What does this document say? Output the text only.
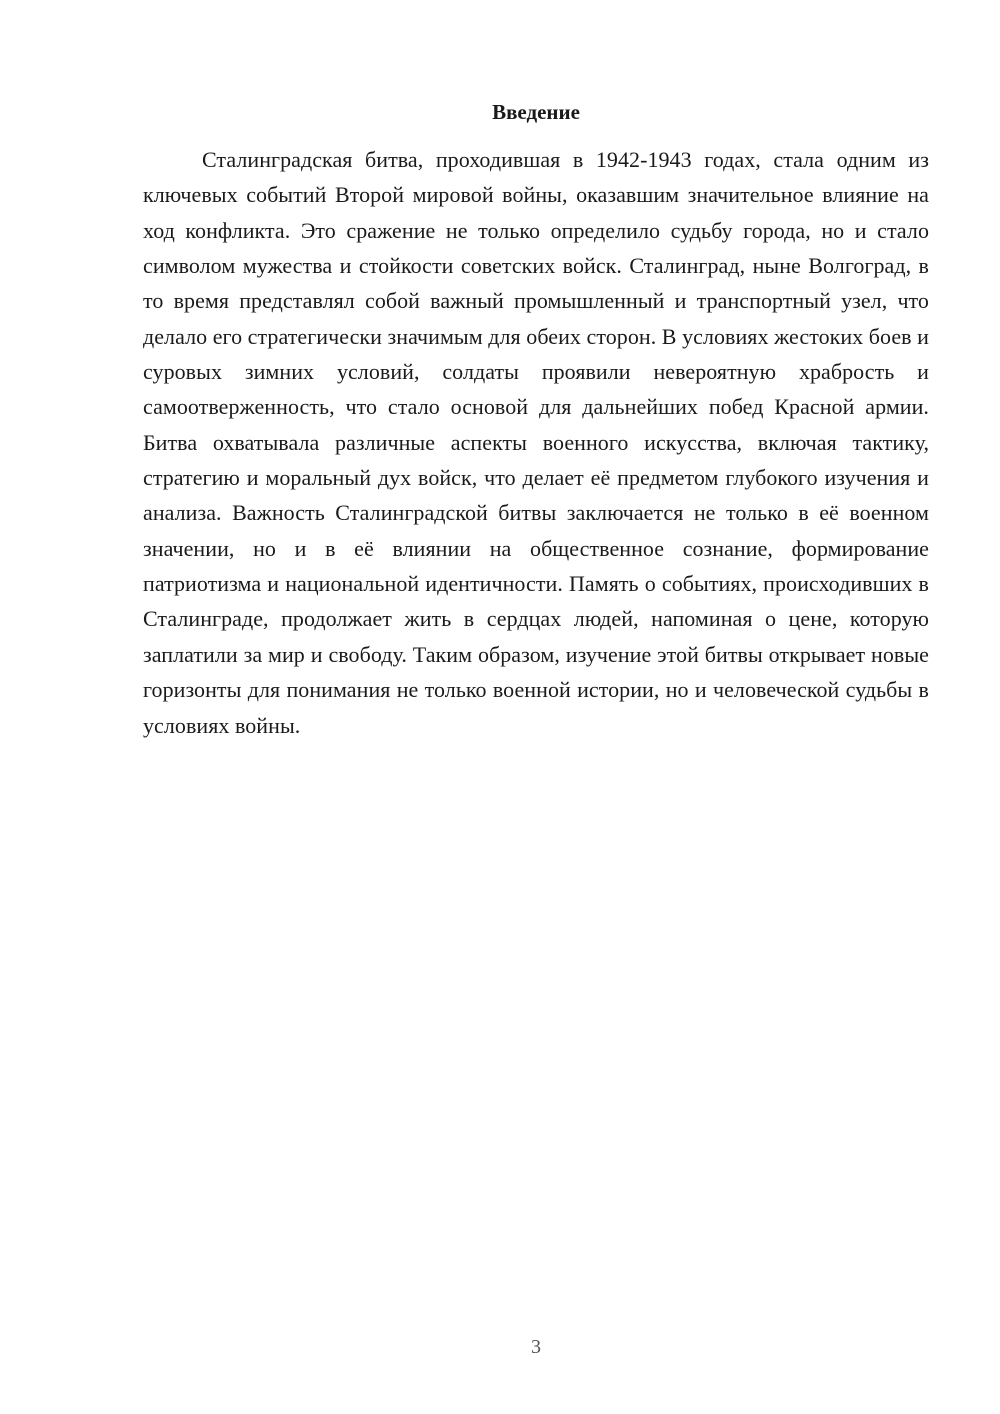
Введение

Сталинградская битва, проходившая в 1942-1943 годах, стала одним из ключевых событий Второй мировой войны, оказавшим значительное влияние на ход конфликта. Это сражение не только определило судьбу города, но и стало символом мужества и стойкости советских войск. Сталинград, ныне Волгоград, в то время представлял собой важный промышленный и транспортный узел, что делало его стратегически значимым для обеих сторон. В условиях жестоких боев и суровых зимних условий, солдаты проявили невероятную храбрость и самоотверженность, что стало основой для дальнейших побед Красной армии. Битва охватывала различные аспекты военного искусства, включая тактику, стратегию и моральный дух войск, что делает её предметом глубокого изучения и анализа. Важность Сталинградской битвы заключается не только в её военном значении, но и в её влиянии на общественное сознание, формирование патриотизма и национальной идентичности. Память о событиях, происходивших в Сталинграде, продолжает жить в сердцах людей, напоминая о цене, которую заплатили за мир и свободу. Таким образом, изучение этой битвы открывает новые горизонты для понимания не только военной истории, но и человеческой судьбы в условиях войны.

3
